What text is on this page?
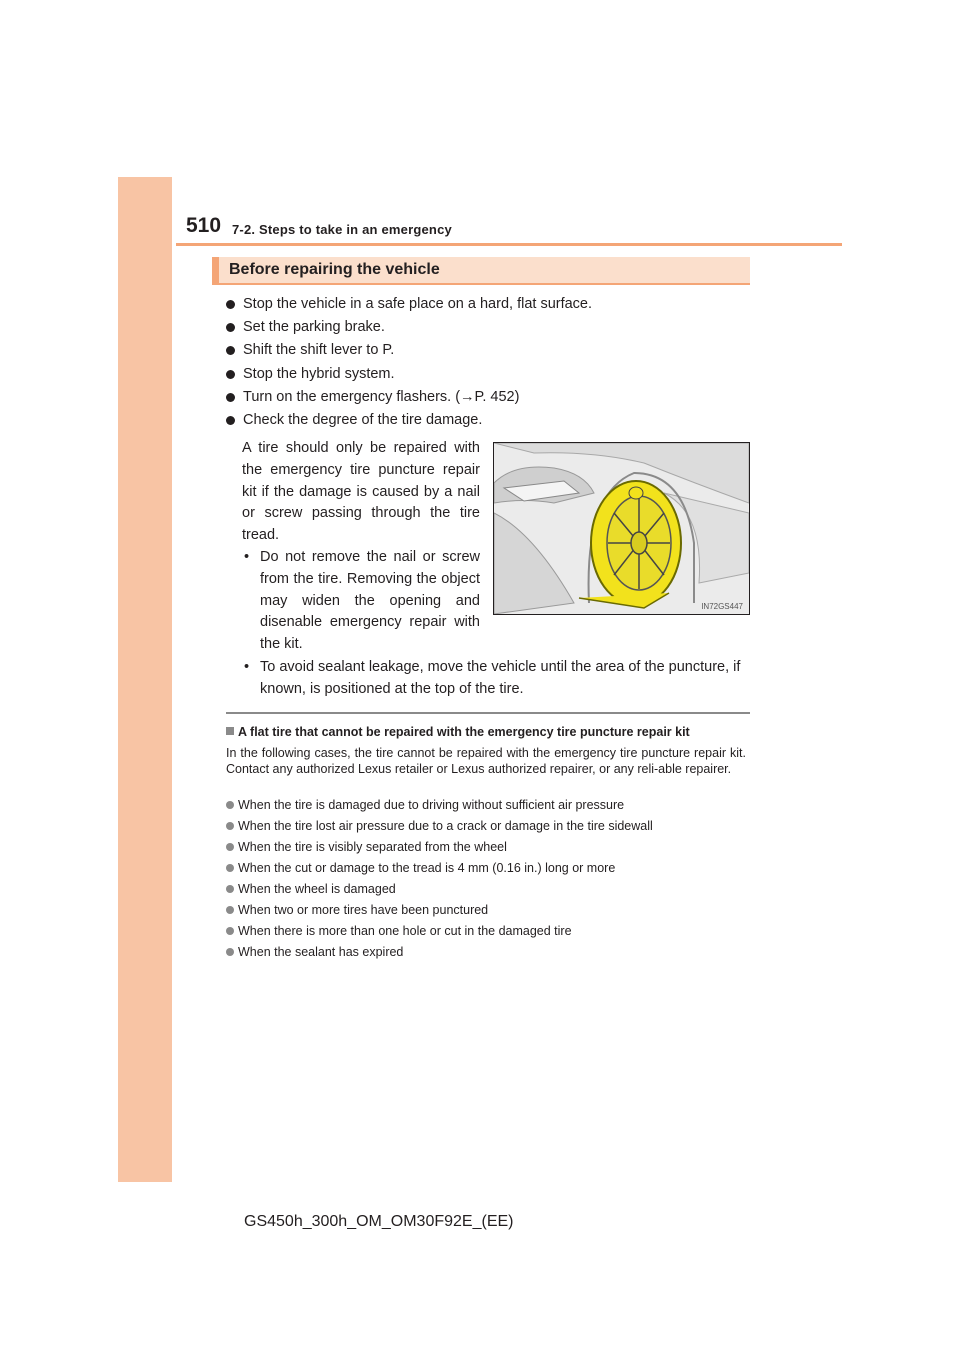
510 7-2. Steps to take in an emergency
Before repairing the vehicle
Stop the vehicle in a safe place on a hard, flat surface.
Set the parking brake.
Shift the shift lever to P.
Stop the hybrid system.
Turn on the emergency flashers. (→P. 452)
Check the degree of the tire damage.

A tire should only be repaired with the emergency tire puncture repair kit if the damage is caused by a nail or screw passing through the tire tread.

• Do not remove the nail or screw from the tire. Removing the object may widen the opening and disenable emergency repair with the kit.
• To avoid sealant leakage, move the vehicle until the area of the puncture, if known, is positioned at the top of the tire.
IN72GS447
A flat tire that cannot be repaired with the emergency tire puncture repair kit

In the following cases, the tire cannot be repaired with the emergency tire puncture repair kit. Contact any authorized Lexus retailer or Lexus authorized repairer, or any reli-able repairer.

When the tire is damaged due to driving without sufficient air pressure
When the tire lost air pressure due to a crack or damage in the tire sidewall
When the tire is visibly separated from the wheel
When the cut or damage to the tread is 4 mm (0.16 in.) long or more
When the wheel is damaged
When two or more tires have been punctured
When there is more than one hole or cut in the damaged tire
When the sealant has expired
GS450h_300h_OM_OM30F92E_(EE)
